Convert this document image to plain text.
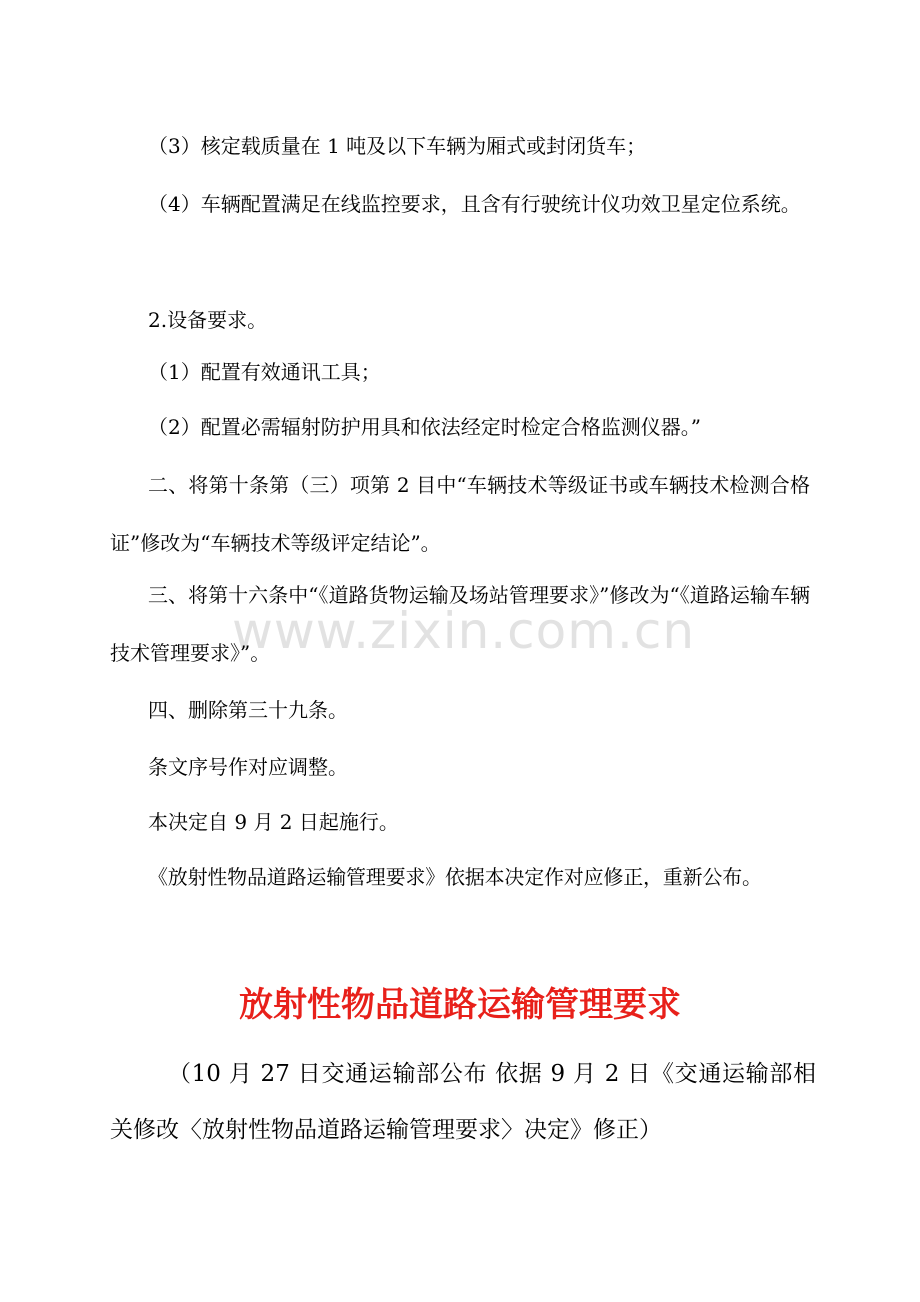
www.zixin.com.cn

（3）核定载质量在 1 吨及以下车辆为厢式或封闭货车；

（4）车辆配置满足在线监控要求，且含有行驶统计仪功效卫星定位系统。

2.设备要求。

（1）配置有效通讯工具；

（2）配置必需辐射防护用具和依法经定时检定合格监测仪器。”

二、将第十条第（三）项第 2 目中“车辆技术等级证书或车辆技术检测合格证”修改为“车辆技术等级评定结论”。

三、将第十六条中“《道路货物运输及场站管理要求》”修改为“《道路运输车辆技术管理要求》”。

四、删除第三十九条。

条文序号作对应调整。

本决定自 9 月 2 日起施行。

《放射性物品道路运输管理要求》依据本决定作对应修正，重新公布。

放射性物品道路运输管理要求

（10 月 27 日交通运输部公布 依据 9 月 2 日《交通运输部相关修改〈放射性物品道路运输管理要求〉决定》修正）
